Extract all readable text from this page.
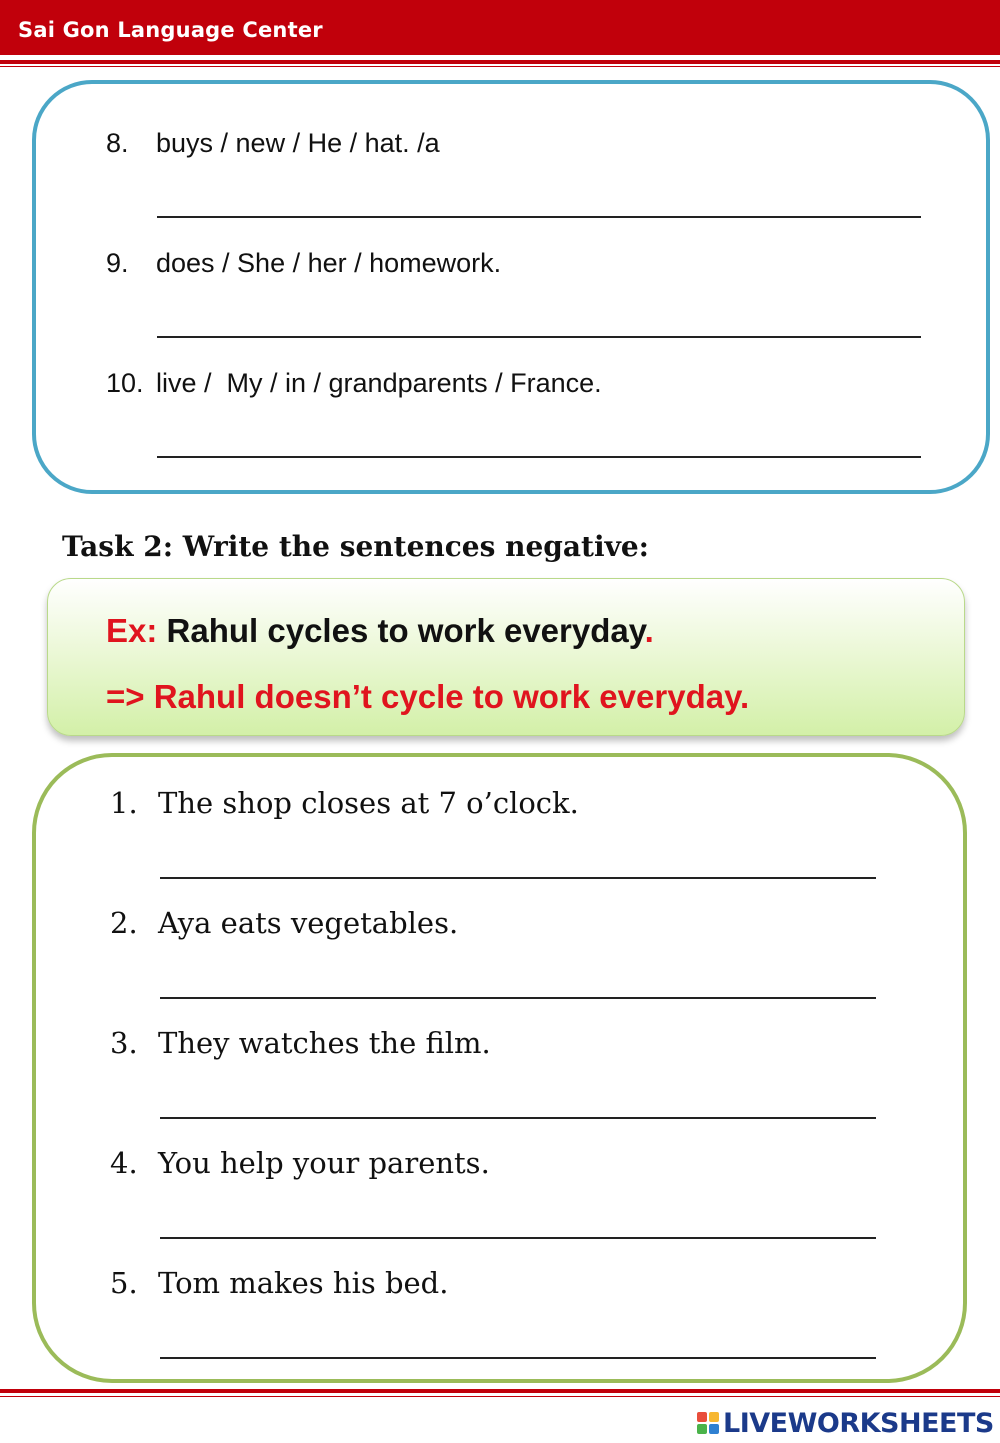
Sai Gon Language Center
8. buys / new / He / hat. /a
9. does / She / her / homework.
10. live /  My / in / grandparents / France.
Task 2: Write the sentences negative:
Ex: Rahul cycles to work everyday.
=> Rahul doesn’t cycle to work everyday.
1. The shop closes at 7 o’clock.
2. Aya eats vegetables.
3. They watches the film.
4. You help your parents.
5. Tom makes his bed.
LIVEWORKSHEETS
